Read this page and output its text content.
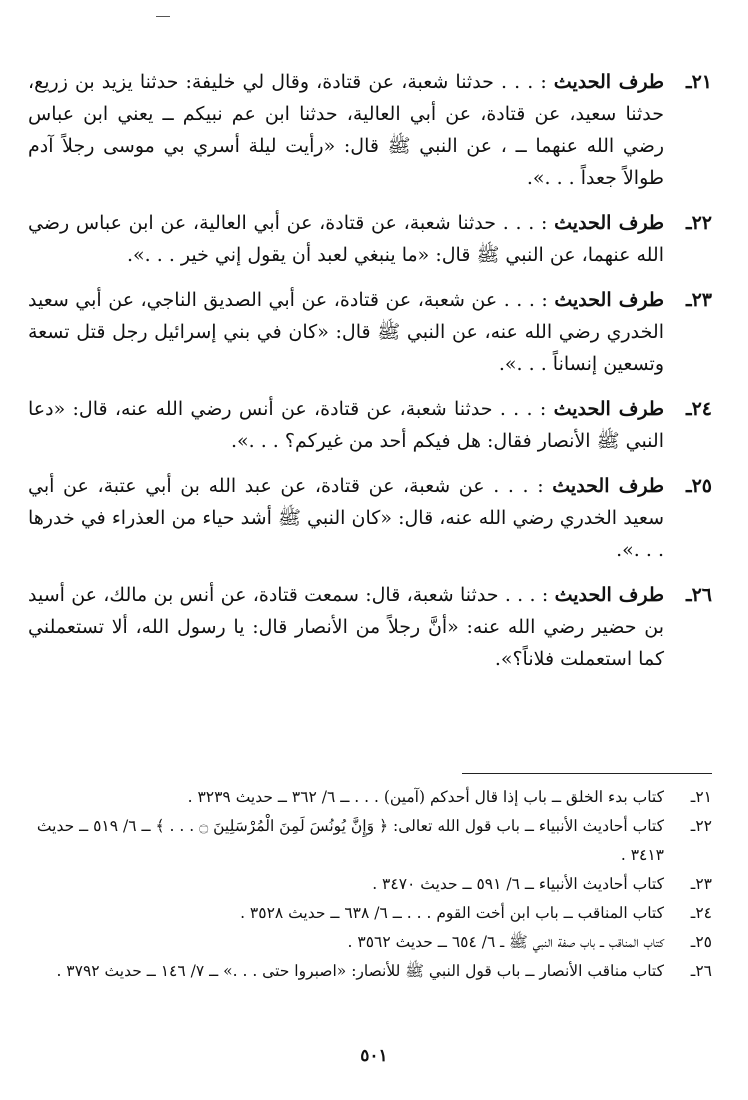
٢١ـ
طرف الحديث : . . . حدثنا شعبة، عن قتادة، وقال لي خليفة: حدثنا يزيد بن زريع، حدثنا سعيد، عن قتادة، عن أبي العالية، حدثنا ابن عم نبيكم ــ يعني ابن عباس رضي الله عنهما ــ ، عن النبي ﷺ قال: «رأيت ليلة أسري بي موسى رجلاً آدم طوالاً جعداً . . .».
٢٢ـ
طرف الحديث : . . . حدثنا شعبة، عن قتادة، عن أبي العالية، عن ابن عباس رضي الله عنهما، عن النبي ﷺ قال: «ما ينبغي لعبد أن يقول إني خير . . .».
٢٣ـ
طرف الحديث : . . . عن شعبة، عن قتادة، عن أبي الصديق الناجي، عن أبي سعيد الخدري رضي الله عنه، عن النبي ﷺ قال: «كان في بني إسرائيل رجل قتل تسعة وتسعين إنساناً . . .».
٢٤ـ
طرف الحديث : . . . حدثنا شعبة، عن قتادة، عن أنس رضي الله عنه، قال: «دعا النبي ﷺ الأنصار فقال: هل فيكم أحد من غيركم؟ . . .».
٢٥ـ
طرف الحديث : . . . عن شعبة، عن قتادة، عن عبد الله بن أبي عتبة، عن أبي سعيد الخدري رضي الله عنه، قال: «كان النبي ﷺ أشد حياء من العذراء في خدرها . . .».
٢٦ـ
طرف الحديث : . . . حدثنا شعبة، قال: سمعت قتادة، عن أنس بن مالك، عن أسيد بن حضير رضي الله عنه: «أنَّ رجلاً من الأنصار قال: يا رسول الله، ألا تستعملني كما استعملت فلاناً؟».
٢١ـ
كتاب بدء الخلق ــ باب إذا قال أحدكم (آمين) . . . ــ ٦/ ٣٦٢ ــ حديث ٣٢٣٩ .
٢٢ـ
كتاب أحاديث الأنبياء ــ باب قول الله تعالى: ﴿ وَإِنَّ يُونُسَ لَمِنَ الْمُرْسَلِينَ ۝ . . . ﴾ ــ ٦/ ٥١٩ ــ حديث ٣٤١٣ .
٢٣ـ
كتاب أحاديث الأنبياء ــ ٦/ ٥٩١ ــ حديث ٣٤٧٠ .
٢٤ـ
كتاب المناقب ــ باب ابن أخت القوم . . . ــ ٦/ ٦٣٨ ــ حديث ٣٥٢٨ .
٢٥ـ
كتاب المناقب ــ باب صفة النبي ﷺ ــ ٦/ ٦٥٤ ــ حديث ٣٥٦٢ .
٢٦ـ
كتاب مناقب الأنصار ــ باب قول النبي ﷺ للأنصار: «اصبروا حتى . . .» ــ ٧/ ١٤٦ ــ حديث ٣٧٩٢ .
٥٠١
